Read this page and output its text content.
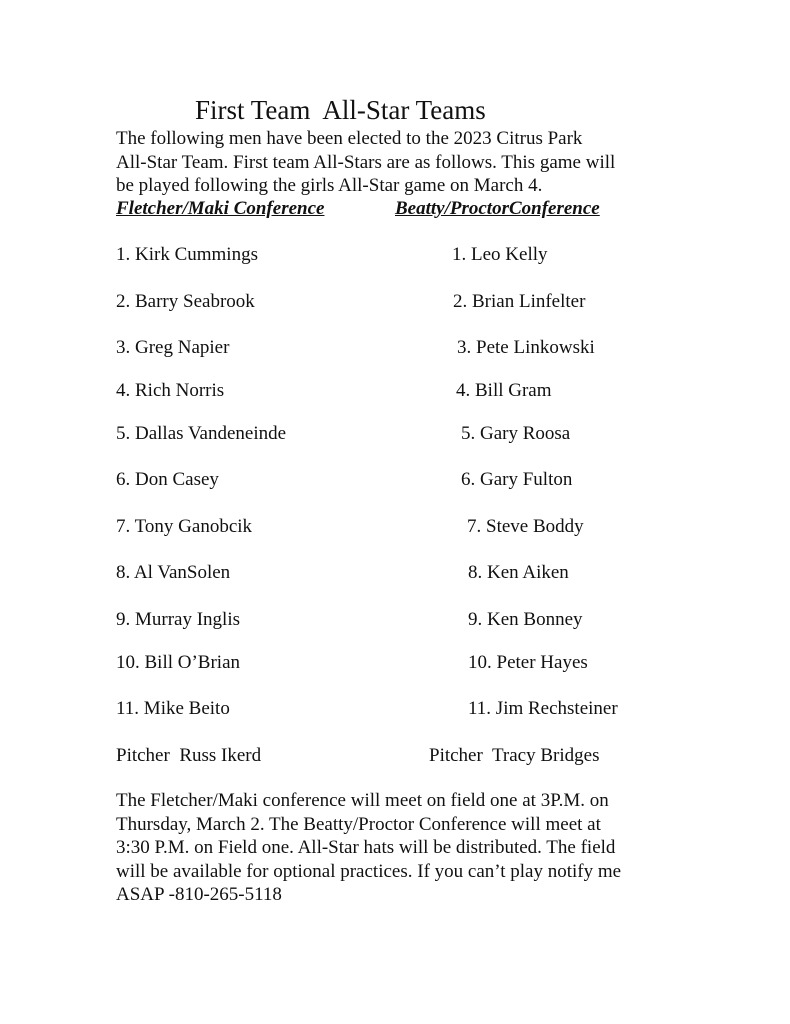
First Team  All-Star Teams
The following men have been elected to the 2023 Citrus Park
All-Star Team. First team All-Stars are as follows. This game will
be played following the girls All-Star game on March 4.
Fletcher/Maki Conference	Beatty/ProctorConference
1. Kirk Cummings
2. Barry Seabrook
3. Greg Napier
4. Rich Norris
5. Dallas Vandeneinde
6. Don Casey
7. Tony Ganobcik
8. Al VanSolen
9. Murray Inglis
10. Bill O’Brian
11. Mike Beito
Pitcher  Russ Ikerd
1. Leo Kelly
2. Brian Linfelter
3. Pete Linkowski
4. Bill Gram
5. Gary Roosa
6. Gary Fulton
7. Steve Boddy
8. Ken Aiken
9. Ken Bonney
10. Peter Hayes
11. Jim Rechsteiner
Pitcher  Tracy Bridges
The Fletcher/Maki conference will meet on field one at 3P.M. on
Thursday, March 2. The Beatty/Proctor Conference will meet at
3:30 P.M. on Field one. All-Star hats will be distributed. The field
will be available for optional practices. If you can’t play notify me
ASAP -810-265-5118
